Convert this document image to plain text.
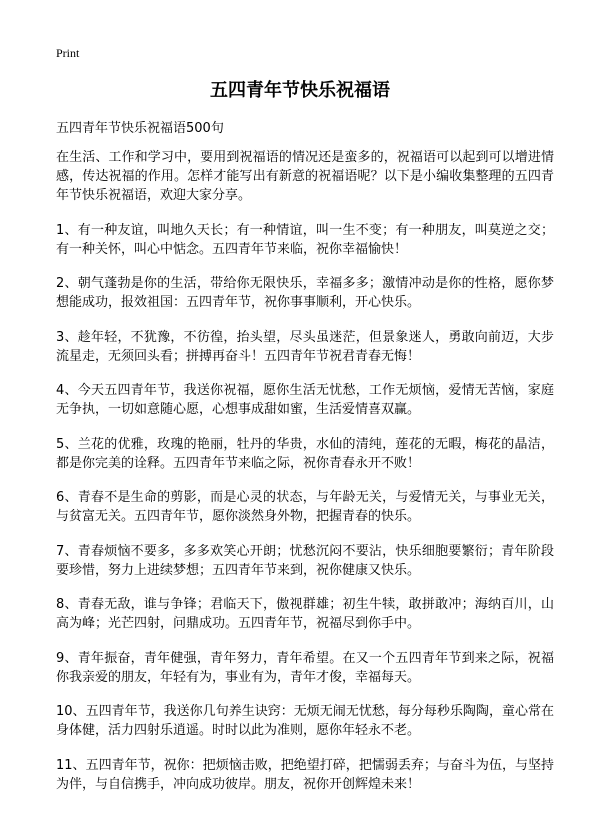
Print
五四青年节快乐祝福语
五四青年节快乐祝福语500句

在生活、工作和学习中，要用到祝福语的情况还是蛮多的，祝福语可以起到可以增进情感，传达祝福的作用。怎样才能写出有新意的祝福语呢？以下是小编收集整理的五四青年节快乐祝福语，欢迎大家分享。

1、有一种友谊，叫地久天长；有一种情谊，叫一生不变；有一种朋友，叫莫逆之交；有一种关怀，叫心中惦念。五四青年节来临，祝你幸福愉快！

2、朝气蓬勃是你的生活，带给你无限快乐，幸福多多；激情冲动是你的性格，愿你梦想能成功，报效祖国：五四青年节，祝你事事顺利，开心快乐。

3、趁年轻，不犹豫，不彷徨，抬头望，尽头虽迷茫，但景象迷人，勇敢向前迈，大步流星走，无须回头看；拼搏再奋斗！五四青年节祝君青春无悔！

4、今天五四青年节，我送你祝福，愿你生活无忧愁，工作无烦恼，爱情无苦恼，家庭无争执，一切如意随心愿，心想事成甜如蜜，生活爱情喜双赢。

5、兰花的优雅，玫瑰的艳丽，牡丹的华贵，水仙的清纯，莲花的无暇，梅花的晶洁，都是你完美的诠释。五四青年节来临之际，祝你青春永开不败！

6、青春不是生命的剪影，而是心灵的状态，与年龄无关，与爱情无关，与事业无关，与贫富无关。五四青年节，愿你淡然身外物，把握青春的快乐。

7、青春烦恼不要多，多多欢笑心开朗；忧愁沉闷不要沾，快乐细胞要繁衍；青年阶段要珍惜，努力上进续梦想；五四青年节来到，祝你健康又快乐。

8、青春无敌，谁与争锋；君临天下，傲视群雄；初生牛犊，敢拼敢冲；海纳百川，山高为峰；光芒四射，问鼎成功。五四青年节，祝福尽到你手中。

9、青年振奋，青年健强，青年努力，青年希望。在又一个五四青年节到来之际，祝福你我亲爱的朋友，年轻有为，事业有为，青年才俊，幸福每天。

10、五四青年节，我送你几句养生诀窍：无烦无闹无忧愁，每分每秒乐陶陶，童心常在身体健，活力四射乐逍遥。时时以此为准则，愿你年轻永不老。

11、五四青年节，祝你：把烦恼击败，把绝望打碎，把懦弱丢弃；与奋斗为伍，与坚持为伴，与自信携手，冲向成功彼岸。朋友，祝你开创辉煌未来！
